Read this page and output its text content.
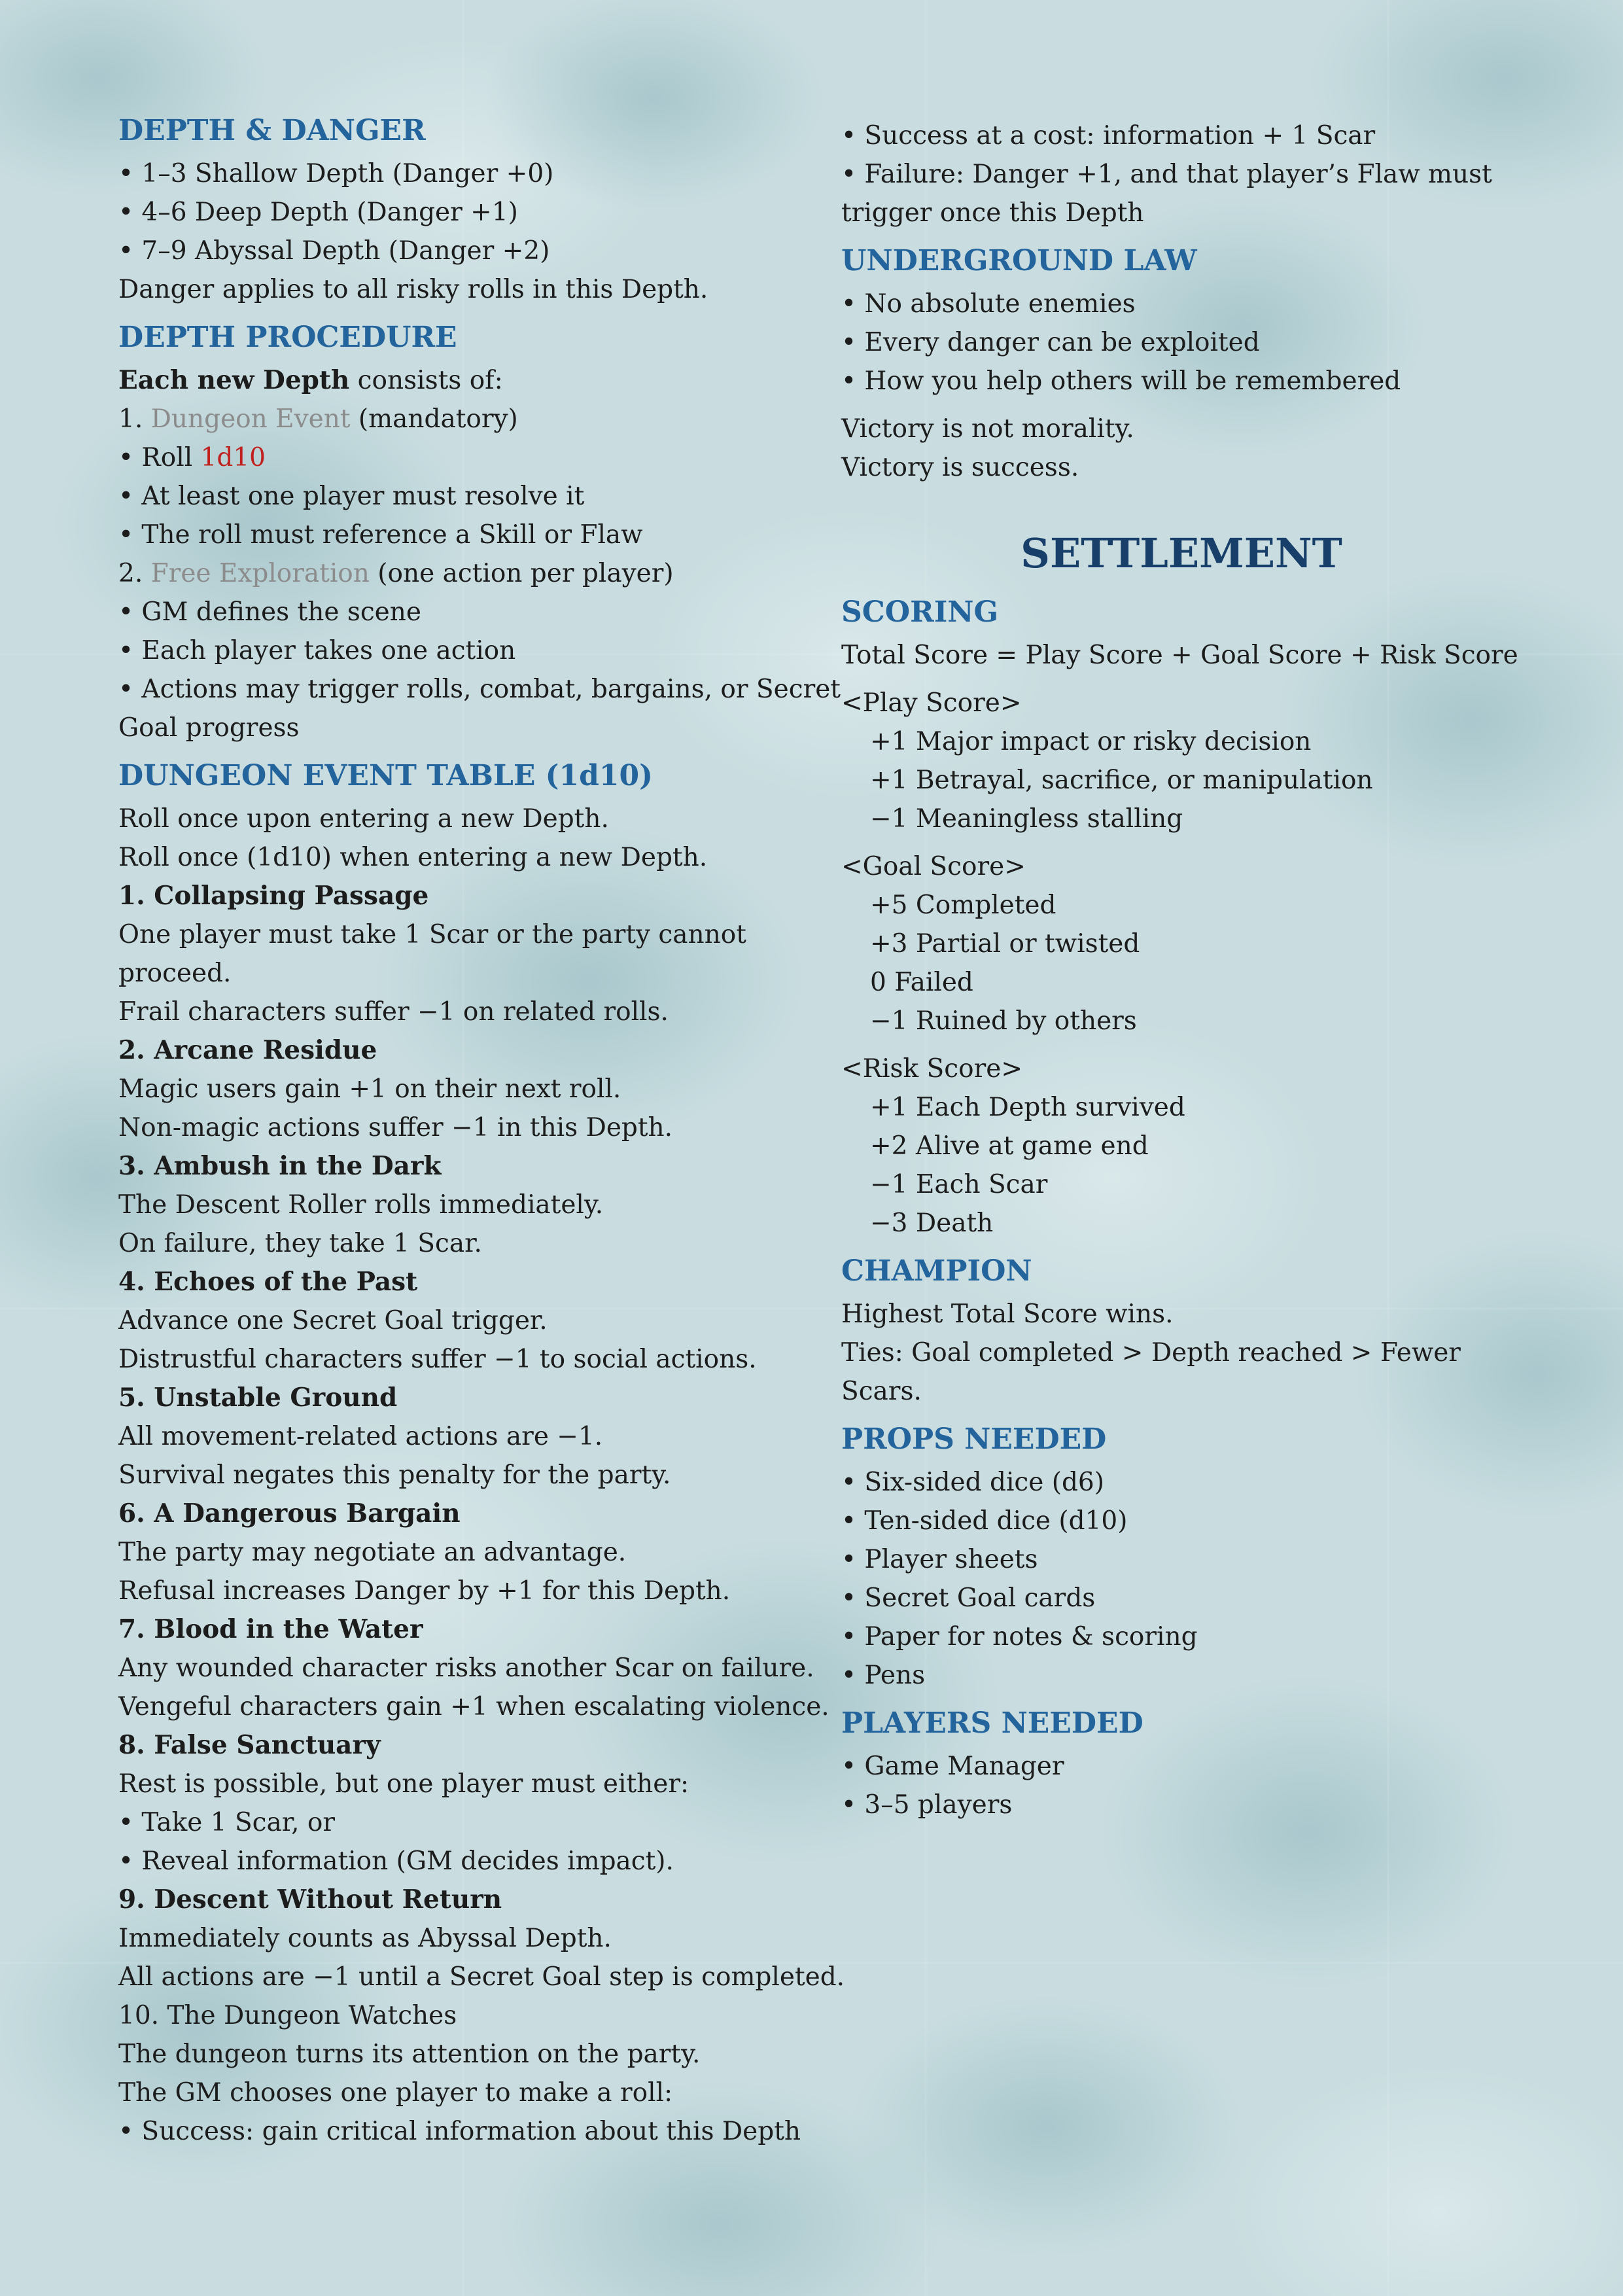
DEPTH & DANGER
• 1–3 Shallow Depth (Danger +0)
• 4–6 Deep Depth (Danger +1)
• 7–9 Abyssal Depth (Danger +2)
Danger applies to all risky rolls in this Depth.
DEPTH PROCEDURE
Each new Depth consists of:
1. Dungeon Event (mandatory)
• Roll 1d10
• At least one player must resolve it
• The roll must reference a Skill or Flaw
2. Free Exploration (one action per player)
• GM defines the scene
• Each player takes one action
• Actions may trigger rolls, combat, bargains, or Secret
Goal progress
DUNGEON EVENT TABLE (1d10)
Roll once upon entering a new Depth.
Roll once (1d10) when entering a new Depth.
1. Collapsing Passage
One player must take 1 Scar or the party cannot
proceed.
Frail characters suffer −1 on related rolls.
2. Arcane Residue
Magic users gain +1 on their next roll.
Non-magic actions suffer −1 in this Depth.
3. Ambush in the Dark
The Descent Roller rolls immediately.
On failure, they take 1 Scar.
4. Echoes of the Past
Advance one Secret Goal trigger.
Distrustful characters suffer −1 to social actions.
5. Unstable Ground
All movement-related actions are −1.
Survival negates this penalty for the party.
6. A Dangerous Bargain
The party may negotiate an advantage.
Refusal increases Danger by +1 for this Depth.
7. Blood in the Water
Any wounded character risks another Scar on failure.
Vengeful characters gain +1 when escalating violence.
8. False Sanctuary
Rest is possible, but one player must either:
• Take 1 Scar, or
• Reveal information (GM decides impact).
9. Descent Without Return
Immediately counts as Abyssal Depth.
All actions are −1 until a Secret Goal step is completed.
10. The Dungeon Watches
The dungeon turns its attention on the party.
The GM chooses one player to make a roll:
• Success: gain critical information about this Depth
• Success at a cost: information + 1 Scar
• Failure: Danger +1, and that player’s Flaw must
trigger once this Depth
UNDERGROUND LAW
• No absolute enemies
• Every danger can be exploited
• How you help others will be remembered
Victory is not morality.
Victory is success.
SETTLEMENT
SCORING
Total Score = Play Score + Goal Score + Risk Score
<Play Score>
+1 Major impact or risky decision
+1 Betrayal, sacrifice, or manipulation
−1 Meaningless stalling
<Goal Score>
+5 Completed
+3 Partial or twisted
0 Failed
−1 Ruined by others
<Risk Score>
+1 Each Depth survived
+2 Alive at game end
−1 Each Scar
−3 Death
CHAMPION
Highest Total Score wins.
Ties: Goal completed > Depth reached > Fewer
Scars.
PROPS NEEDED
• Six-sided dice (d6)
• Ten-sided dice (d10)
• Player sheets
• Secret Goal cards
• Paper for notes & scoring
• Pens
PLAYERS NEEDED
• Game Manager
• 3–5 players
